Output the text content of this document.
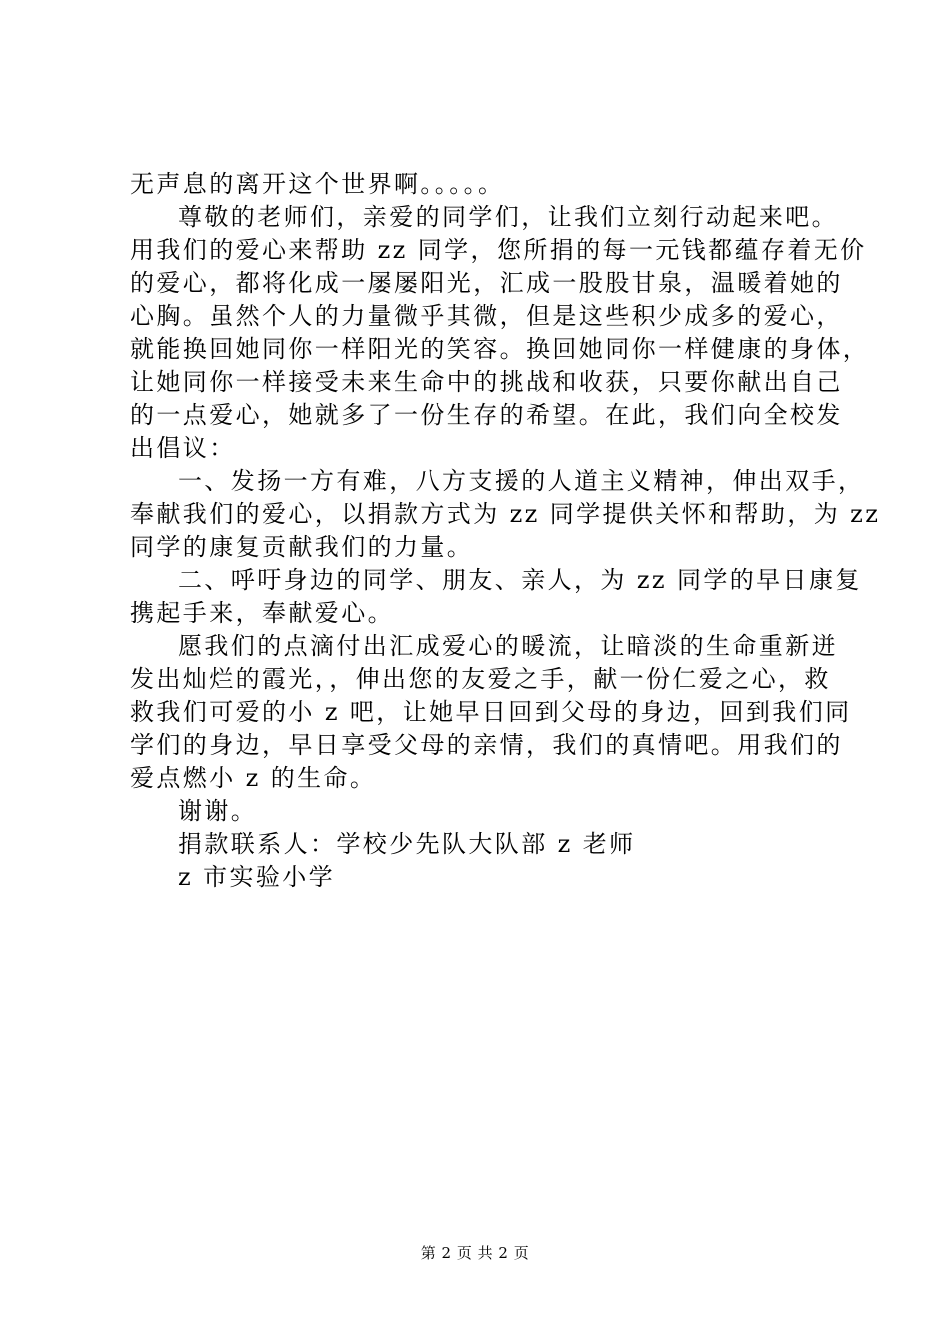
无声息的离开这个世界啊。。。。。
尊敬的老师们，亲爱的同学们，让我们立刻行动起来吧。
用我们的爱心来帮助 zz 同学，您所捐的每一元钱都蕴存着无价
的爱心，都将化成一屡屡阳光，汇成一股股甘泉，温暖着她的
心胸。虽然个人的力量微乎其微，但是这些积少成多的爱心，
就能换回她同你一样阳光的笑容。换回她同你一样健康的身体，
让她同你一样接受未来生命中的挑战和收获，只要你献出自己
的一点爱心，她就多了一份生存的希望。在此，我们向全校发
出倡议：
一、发扬一方有难，八方支援的人道主义精神，伸出双手，
奉献我们的爱心，以捐款方式为 zz 同学提供关怀和帮助，为 zz
同学的康复贡献我们的力量。
二、呼吁身边的同学、朋友、亲人，为 zz 同学的早日康复
携起手来，奉献爱心。
愿我们的点滴付出汇成爱心的暖流，让暗淡的生命重新迸
发出灿烂的霞光，，伸出您的友爱之手，献一份仁爱之心，救
救我们可爱的小 z 吧，让她早日回到父母的身边，回到我们同
学们的身边，早日享受父母的亲情，我们的真情吧。用我们的
爱点燃小 z 的生命。
谢谢。
捐款联系人：学校少先队大队部 z 老师
z 市实验小学
第 2 页 共 2 页
